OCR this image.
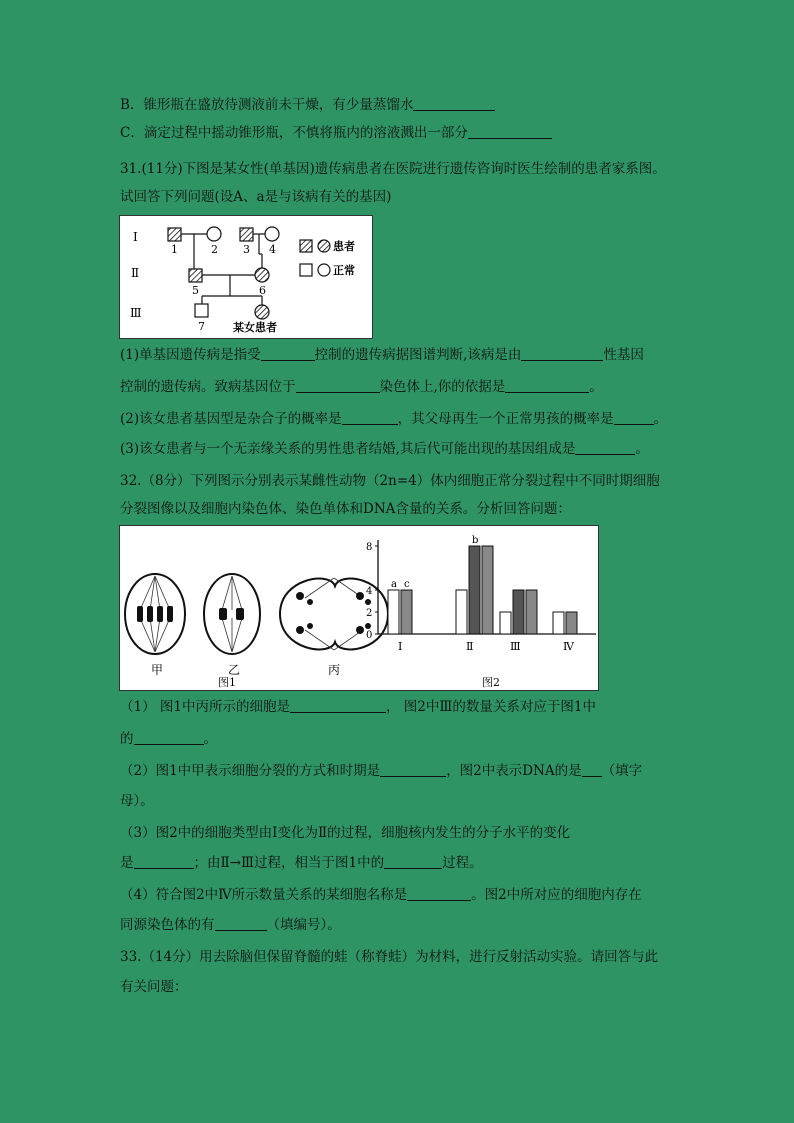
B．锥形瓶在盛放待测液前未干燥，有少量蒸馏水
C．滴定过程中摇动锥形瓶，不慎将瓶内的溶液溅出一部分
31.(11分)下图是某女性(单基因)遗传病患者在医院进行遗传咨询时医生绘制的患者家系图。
试回答下列问题(设A、a是与该病有关的基因)
Ⅰ
Ⅱ
Ⅲ
1	2 3 4
5	6
7	某女患者
患者
正常
(1)单基因遗传病是指受	控制的遗传病据图谱判断,该病是由	性基因
控制的遗传病。致病基因位于	染色体上,你的依据是	。
(2)该女患者基因型是杂合子的概率是	，其父母再生一个正常男孩的概率是	。
(3)该女患者与一个无亲缘关系的男性患者结婚,其后代可能出现的基因组成是	。
32.（8分）下列图示分别表示某雌性动物（2n=4）体内细胞正常分裂过程中不同时期细胞
分裂图像以及细胞内染色体、染色单体和DNA含量的关系。分析回答问题：
甲	乙	丙
图1
0
2
4
8
a c
Ⅰ
b
Ⅱ	Ⅲ	Ⅳ
图2
（1） 图1中丙所示的细胞是	， 图2中Ⅲ的数量关系对应于图1中
的	。
（2）图1中甲表示细胞分裂的方式和时期是	，图2中表示DNA的是 （填字
母）。
（3）图2中的细胞类型由Ⅰ变化为Ⅱ的过程，细胞核内发生的分子水平的变化
是	；由Ⅱ→Ⅲ过程，相当于图1中的	过程。
（4）符合图2中Ⅳ所示数量关系的某细胞名称是	。图2中所对应的细胞内存在
同源染色体的有	（填编号）。
33.（14分）用去除脑但保留脊髓的蛙（称脊蛙）为材料，进行反射活动实验。请回答与此
有关问题：
